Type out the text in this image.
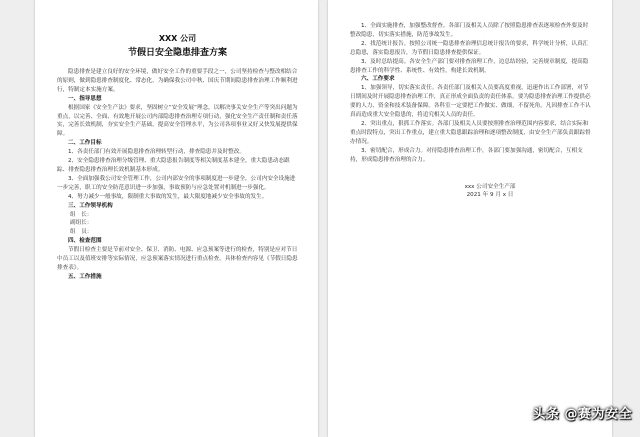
XXX 公司

节假日安全隐患排查方案

隐患排查是建立良好的安全环境，做好安全工作的重要手段之一，公司坚持检查与整改相结合的原则，做到隐患排查制度化、常态化，为确保我公司中秋、国庆节期间隐患排查治理工作顺利进行，特制定本实施方案。

一、指导思想

根据国家《安全生产法》要求，坚固树立“安全发展”理念，以解决事关安全生产等突出问题为重点，以完善、全面、有效地开展公司内部隐患排查治理专项行动，强化安全生产责任制和责任落实，完善长效机制，夯实安全生产基础，提高安全管理水平，为公司各项事业又好又快发展提供保障。

二、工作目标

1、各责任部门有效开展隐患排查治理转型行动，排查隐患并及时整改。

2、安全隐患排查治理分级管理、重大隐患报告制度等相关制度基本建全，重大隐患动态跟踪、排查隐患排查治理长效机制基本形成。

3、全面加强我公司安全管理工作，公司内部安全的事项制度进一步建全，公司内安全设施进一步完善，职工的安全防范意识进一步加强，事故预防与应急处置对机制进一步强化。

4、努力减少一般事故，限制重大事故的发生，最大限度地减少安全事故的发生。

三、工作领导机构

组　长：

副组长：

组　员：

四、检查范围

节假日检查主要是节前对安全、保卫、消防、电源、应急预案等进行的检查，特别是应对节日中员工以及值班安排等实际情况，应急预案落实情况进行重点检查。具体检查内容见《节假日隐患排查表》。

五、工作措施

1、全面实施排查，加强整改督查。各部门及相关人员除了按照隐患排查表逐项检查外要及时整改隐患，切实落实措施，防范事故发生。

2、找范统计报告。按照公司统一隐患排查治理信息统计报告的要求，科学统计分析，认真汇总隐患，落实隐患报告，为节假日隐患排查提供保证。

3、及时总结提高。各安全生产部门要对排查治理工作，边总结经验，完善规章制度，提高隐患排查工作的科学性、系统性、有效性，构建长效机制。

六、工作要求

1、加强领导，切实落实责任。各责任部门及相关人员要高度重视，迅速作出工作部署，对节日期间及时开展隐患排查治理工作，真正形成全面负责的责任体系。要为隐患排查治理工作提供必要的人力、资金和技术装备保障。各科室一定要把工作做实、做细，不留死角。凡因排查工作不认真而造成重大安全隐患的，将追究相关人员的责任。

2、突出重点，狠抓工作落实。各部门及相关人员要按照排查治理范围内容要求，结合实际和重点时段特点，突出工作重点，建立重大隐患跟踪治理和逐项整改制度，由安全生产部负责跟踪督办情况。

3、密切配合，形成合力。对待隐患排查治理工作，各部门要加强沟通，密切配合，互相支持，形成隐患排查治理的合力。

xxx 公司安全生产部

2021 年 9 月 x 日

头条 @赛为安全
